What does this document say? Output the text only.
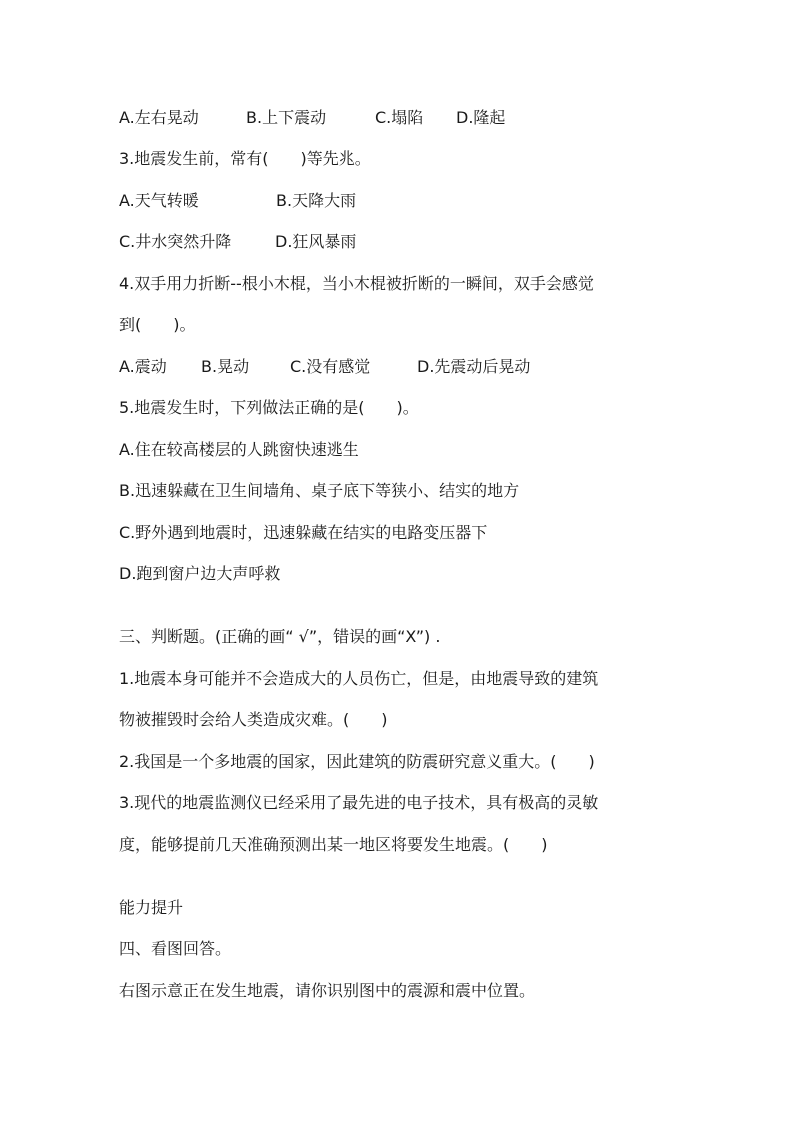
A.左右晃动	B.上下震动	C.塌陷 D.隆起
3.地震发生前，常有(　　)等先兆。
A.天气转暖	B.天降大雨
C.井水突然升降	D.狂风暴雨
4.双手用力折断--根小木棍，当小木棍被折断的一瞬间，双手会感觉
到(　　)。
A.震动 B.晃动	C.没有感觉	D.先震动后晃动
5.地震发生时，下列做法正确的是(　　)。
A.住在较高楼层的人跳窗快速逃生
B.迅速躲藏在卫生间墙角、桌子底下等狭小、结实的地方
C.野外遇到地震时，迅速躲藏在结实的电路变压器下
D.跑到窗户边大声呼救
三、判断题。(正确的画“ √”，错误的画“X”) .
1.地震本身可能并不会造成大的人员伤亡，但是，由地震导致的建筑
物被摧毁时会给人类造成灾难。(　　)
2.我国是一个多地震的国家，因此建筑的防震研究意义重大。(　　)
3.现代的地震监测仪已经采用了最先进的电子技术，具有极高的灵敏
度，能够提前几天准确预测出某一地区将要发生地震。(　　)
能力提升
四、看图回答。
右图示意正在发生地震，请你识别图中的震源和震中位置。
